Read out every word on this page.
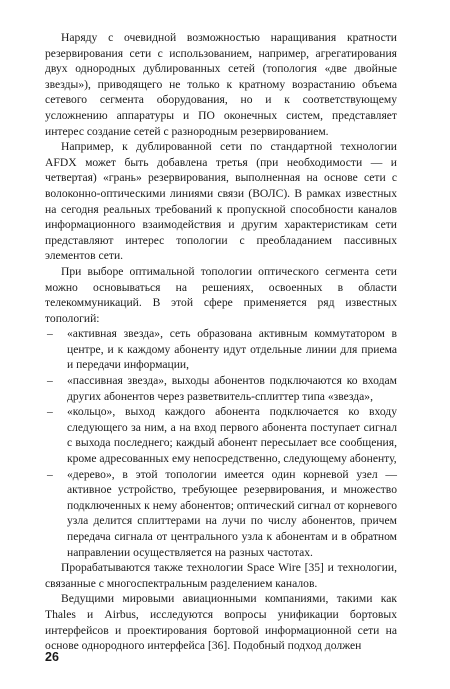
Наряду с очевидной возможностью наращивания кратности резервирования сети с использованием, например, агрегатирования двух однородных дублированных сетей (топология «две двойные звезды»), приводящего не только к кратному возрастанию объема сетевого сегмента оборудования, но и к соответствующему усложнению аппаратуры и ПО оконечных систем, представляет интерес создание сетей с разнородным резервированием.

Например, к дублированной сети по стандартной технологии AFDX может быть добавлена третья (при необходимости — и четвертая) «грань» резервирования, выполненная на основе сети с волоконно-оптическими линиями связи (ВОЛС). В рамках известных на сегодня реальных требований к пропускной способности каналов информационного взаимодействия и другим характеристикам сети представляют интерес топологии с преобладанием пассивных элементов сети.

При выборе оптимальной топологии оптического сегмента сети можно основываться на решениях, освоенных в области телекоммуникаций. В этой сфере применяется ряд известных топологий:

– «активная звезда», сеть образована активным коммутатором в центре, и к каждому абоненту идут отдельные линии для приема и передачи информации,
– «пассивная звезда», выходы абонентов подключаются ко входам других абонентов через разветвитель-сплиттер типа «звезда»,
– «кольцо», выход каждого абонента подключается ко входу следующего за ним, а на вход первого абонента поступает сигнал с выхода последнего; каждый абонент пересылает все сообщения, кроме адресованных ему непосредственно, следующему абоненту,
– «дерево», в этой топологии имеется один корневой узел — активное устройство, требующее резервирования, и множество подключенных к нему абонентов; оптический сигнал от корневого узла делится сплиттерами на лучи по числу абонентов, причем передача сигнала от центрального узла к абонентам и в обратном направлении осуществляется на разных частотах.

Прорабатываются также технологии Space Wire [35] и технологии, связанные с многоспектральным разделением каналов.

Ведущими мировыми авиационными компаниями, такими как Thales и Airbus, исследуются вопросы унификации бортовых интерфейсов и проектирования бортовой информационной сети на основе однородного интерфейса [36]. Подобный подход должен

26
